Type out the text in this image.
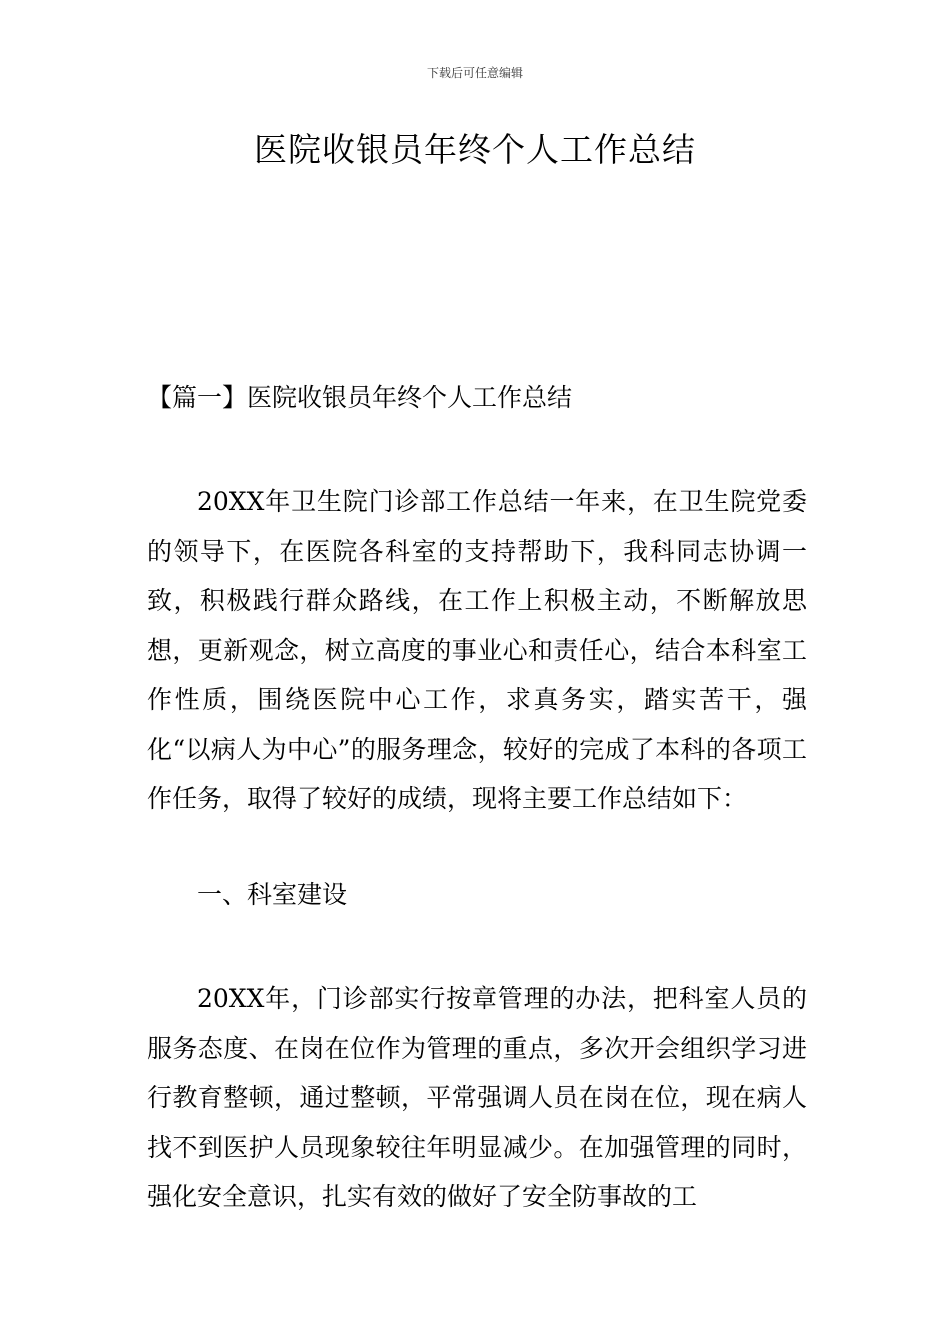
下载后可任意编辑
医院收银员年终个人工作总结

【篇一】医院收银员年终个人工作总结

20XX年卫生院门诊部工作总结一年来，在卫生院党委的领导下，在医院各科室的支持帮助下，我科同志协调一致，积极践行群众路线，在工作上积极主动，不断解放思想，更新观念，树立高度的事业心和责任心，结合本科室工作性质，围绕医院中心工作，求真务实，踏实苦干，强化“以病人为中心”的服务理念，较好的完成了本科的各项工作任务，取得了较好的成绩，现将主要工作总结如下：

一、科室建设

20XX年，门诊部实行按章管理的办法，把科室人员的服务态度、在岗在位作为管理的重点，多次开会组织学习进行教育整顿，通过整顿，平常强调人员在岗在位，现在病人找不到医护人员现象较往年明显减少。在加强管理的同时，强化安全意识，扎实有效的做好了安全防事故的工
